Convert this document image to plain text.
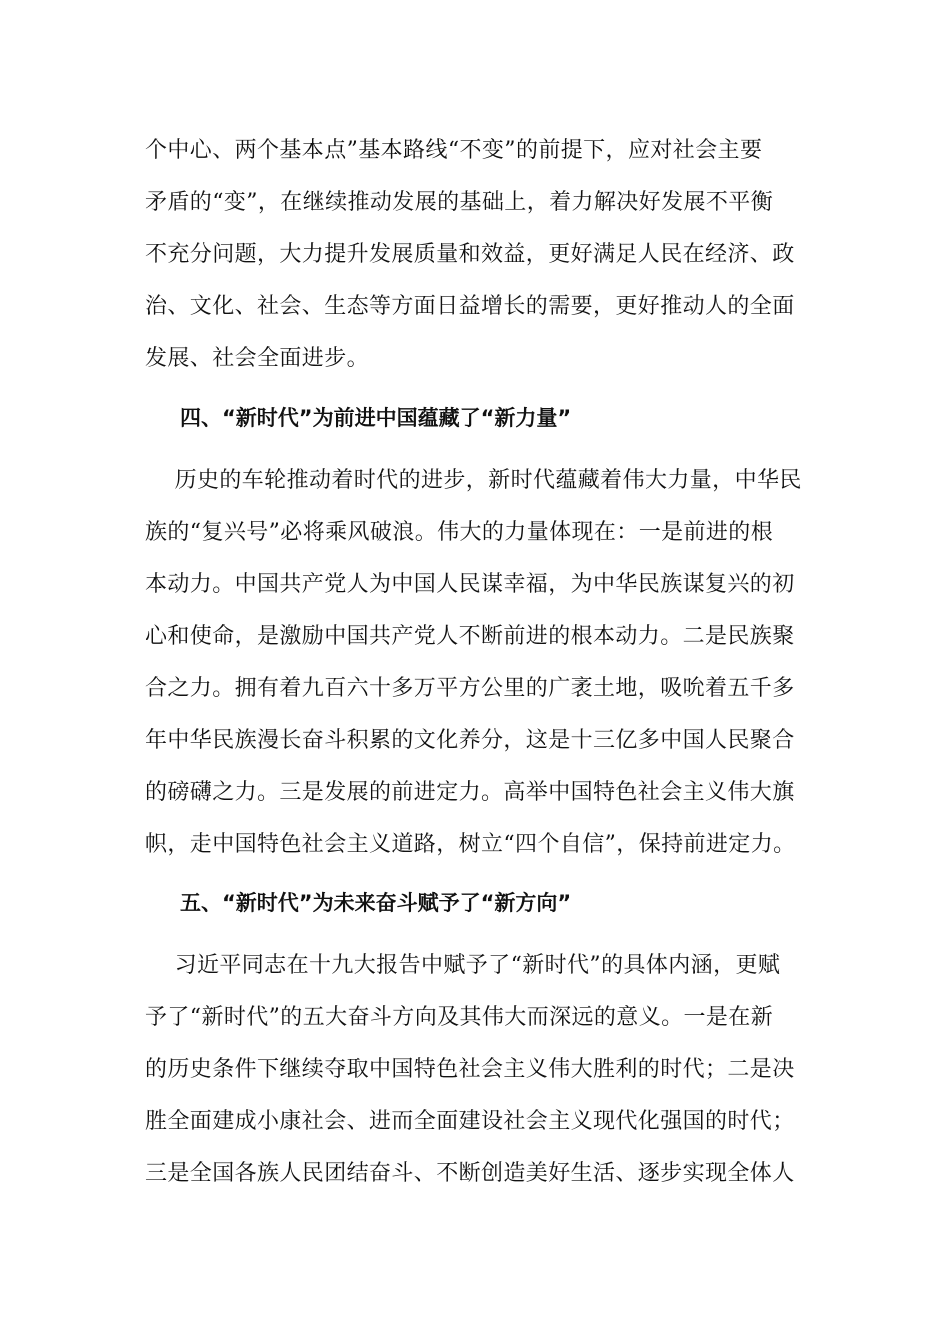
个中心、两个基本点”基本路线“不变”的前提下，应对社会主要
矛盾的“变”，在继续推动发展的基础上，着力解决好发展不平衡
不充分问题，大力提升发展质量和效益，更好满足人民在经济、政
治、文化、社会、生态等方面日益增长的需要，更好推动人的全面
发展、社会全面进步。
四、“新时代”为前进中国蕴藏了“新力量”
历史的车轮推动着时代的进步，新时代蕴藏着伟大力量，中华民
族的“复兴号”必将乘风破浪。伟大的力量体现在：一是前进的根
本动力。中国共产党人为中国人民谋幸福，为中华民族谋复兴的初
心和使命，是激励中国共产党人不断前进的根本动力。二是民族聚
合之力。拥有着九百六十多万平方公里的广袤土地，吸吮着五千多
年中华民族漫长奋斗积累的文化养分，这是十三亿多中国人民聚合
的磅礴之力。三是发展的前进定力。高举中国特色社会主义伟大旗
帜，走中国特色社会主义道路，树立“四个自信”，保持前进定力。
五、“新时代”为未来奋斗赋予了“新方向”
习近平同志在十九大报告中赋予了“新时代”的具体内涵，更赋
予了“新时代”的五大奋斗方向及其伟大而深远的意义。一是在新
的历史条件下继续夺取中国特色社会主义伟大胜利的时代；二是决
胜全面建成小康社会、进而全面建设社会主义现代化强国的时代；
三是全国各族人民团结奋斗、不断创造美好生活、逐步实现全体人
